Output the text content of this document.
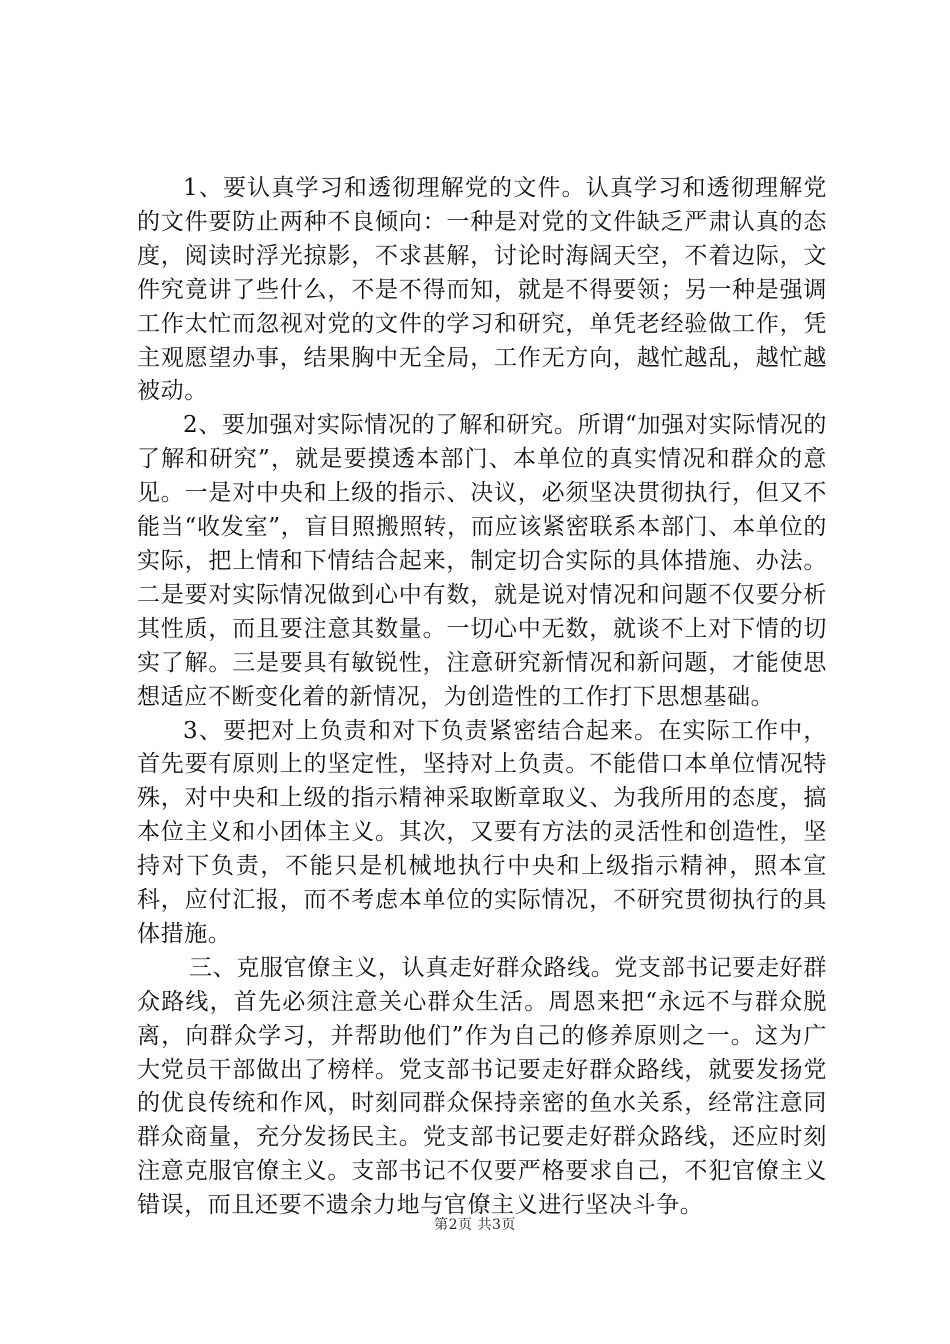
1、要认真学习和透彻理解党的文件。认真学习和透彻理解党的文件要防止两种不良倾向：一种是对党的文件缺乏严肃认真的态度，阅读时浮光掠影，不求甚解，讨论时海阔天空，不着边际，文件究竟讲了些什么，不是不得而知，就是不得要领；另一种是强调工作太忙而忽视对党的文件的学习和研究，单凭老经验做工作，凭主观愿望办事，结果胸中无全局，工作无方向，越忙越乱，越忙越被动。

2、要加强对实际情况的了解和研究。所谓“加强对实际情况的了解和研究”，就是要摸透本部门、本单位的真实情况和群众的意见。一是对中央和上级的指示、决议，必须坚决贯彻执行，但又不能当“收发室”，盲目照搬照转，而应该紧密联系本部门、本单位的实际，把上情和下情结合起来，制定切合实际的具体措施、办法。二是要对实际情况做到心中有数，就是说对情况和问题不仅要分析其性质，而且要注意其数量。一切心中无数，就谈不上对下情的切实了解。三是要具有敏锐性，注意研究新情况和新问题，才能使思想适应不断变化着的新情况，为创造性的工作打下思想基础。

3、要把对上负责和对下负责紧密结合起来。在实际工作中，首先要有原则上的坚定性，坚持对上负责。不能借口本单位情况特殊，对中央和上级的指示精神采取断章取义、为我所用的态度，搞本位主义和小团体主义。其次，又要有方法的灵活性和创造性，坚持对下负责，不能只是机械地执行中央和上级指示精神，照本宣科，应付汇报，而不考虑本单位的实际情况，不研究贯彻执行的具体措施。

三、克服官僚主义，认真走好群众路线。党支部书记要走好群众路线，首先必须注意关心群众生活。周恩来把“永远不与群众脱离，向群众学习，并帮助他们”作为自己的修养原则之一。这为广大党员干部做出了榜样。党支部书记要走好群众路线，就要发扬党的优良传统和作风，时刻同群众保持亲密的鱼水关系，经常注意同群众商量，充分发扬民主。党支部书记要走好群众路线，还应时刻注意克服官僚主义。支部书记不仅要严格要求自己，不犯官僚主义错误，而且还要不遗余力地与官僚主义进行坚决斗争。

第2页 共3页
